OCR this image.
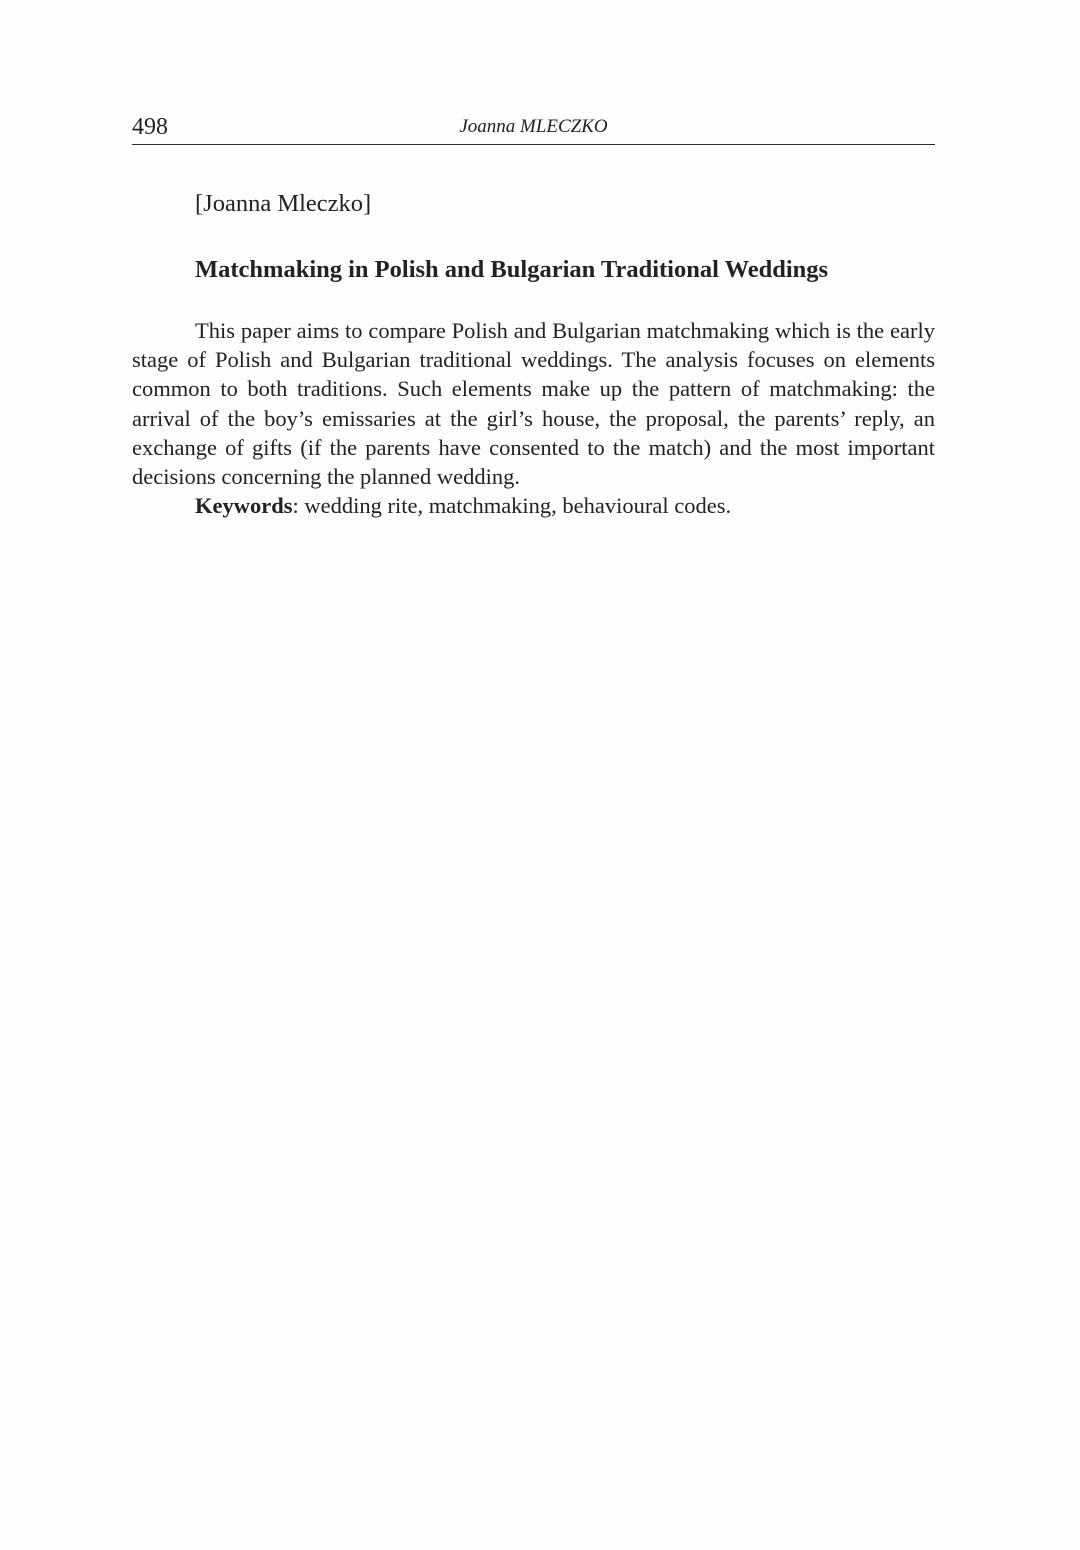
498	Joanna MLECZKO

[Joanna Mleczko]

Matchmaking in Polish and Bulgarian Traditional Weddings

This paper aims to compare Polish and Bulgarian matchmaking which is the early stage of Polish and Bulgarian traditional weddings. The analysis focuses on elements common to both traditions. Such elements make up the pattern of matchmaking: the arrival of the boy’s emissaries at the girl’s house, the proposal, the parents’ reply, an exchange of gifts (if the parents have consented to the match) and the most important decisions concerning the planned wedding.

Keywords: wedding rite, matchmaking, behavioural codes.
